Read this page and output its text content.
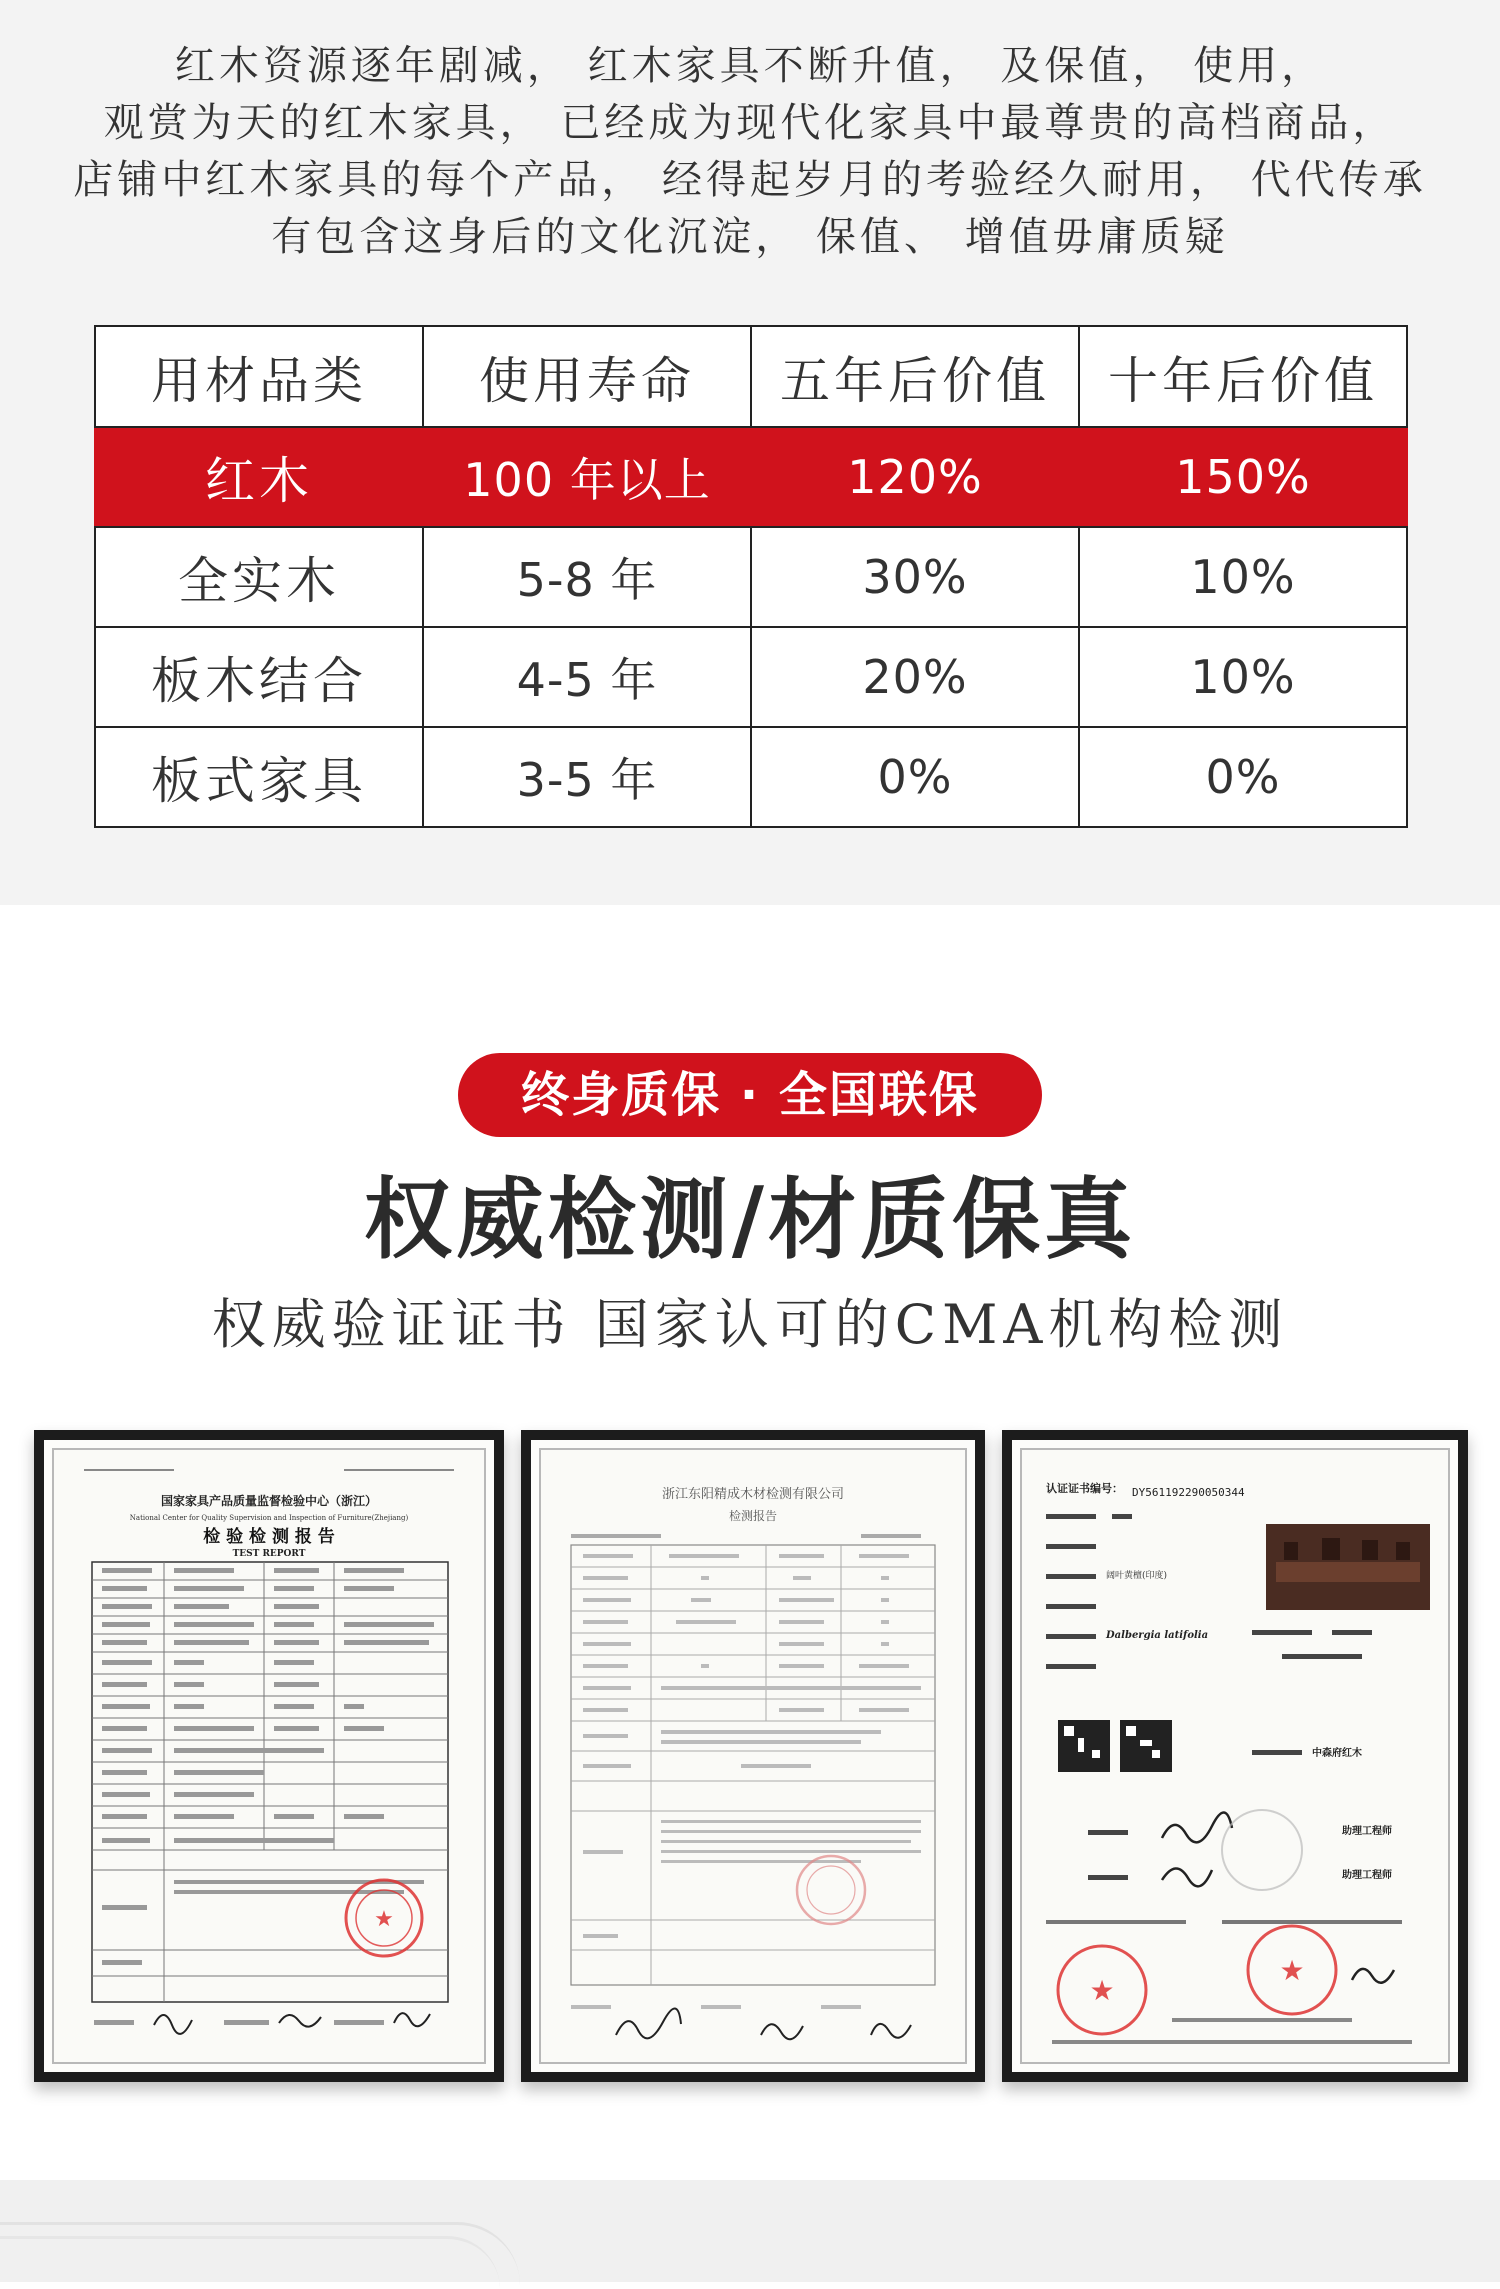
红木资源逐年剧减， 红木家具不断升值， 及保值， 使用，
观赏为天的红木家具， 已经成为现代化家具中最尊贵的高档商品，
店铺中红木家具的每个产品， 经得起岁月的考验经久耐用， 代代传承
有包含这身后的文化沉淀， 保值、 增值毋庸质疑
用材品类	使用寿命	五年后价值	十年后价值
红木	100 年以上	120%	150%
全实木	5-8 年	30%	10%
板木结合	4-5 年	20%	10%
板式家具	3-5 年	0%	0%
终身质保 · 全国联保
权威检测/材质保真
权威验证证书 国家认可的CMA机构检测
国家家具产品质量监督检验中心（浙江）
National Center for Quality Supervision and Inspection of Furniture(Zhejiang)
检 验 检 测 报 告
TEST REPORT
★
浙江东阳精成木材检测有限公司
检测报告
认证证书编号： DY561192290050344
阔叶黄檀(印度)
Dalbergia latifolia
中森府红木
助理工程师
助理工程师
★
★
